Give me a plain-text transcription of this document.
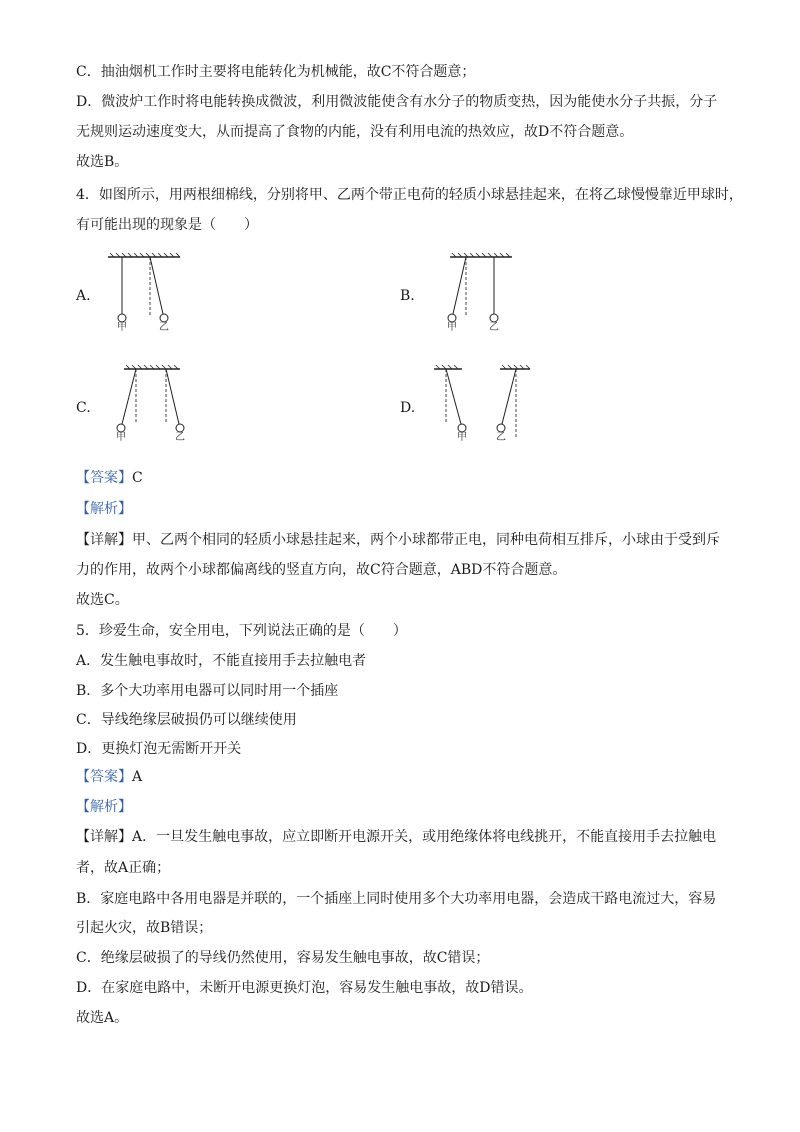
C．抽油烟机工作时主要将电能转化为机械能，故C不符合题意；
D．微波炉工作时将电能转换成微波，利用微波能使含有水分子的物质变热，因为能使水分子共振，分子
无规则运动速度变大，从而提高了食物的内能，没有利用电流的热效应，故D不符合题意。
故选B。
4．如图所示，用两根细棉线，分别将甲、乙两个带正电荷的轻质小球悬挂起来，在将乙球慢慢靠近甲球时，
有可能出现的现象是（　　）
A.
甲	乙
B.
甲	乙
C.
甲	乙
D.
甲	乙
【答案】C
【解析】
【详解】甲、乙两个相同的轻质小球悬挂起来，两个小球都带正电，同种电荷相互排斥，小球由于受到斥
力的作用，故两个小球都偏离线的竖直方向，故C符合题意，ABD不符合题意。
故选C。
5．珍爱生命，安全用电，下列说法正确的是（　　）
A．发生触电事故时，不能直接用手去拉触电者
B．多个大功率用电器可以同时用一个插座
C．导线绝缘层破损仍可以继续使用
D．更换灯泡无需断开开关
【答案】A
【解析】
【详解】A．一旦发生触电事故，应立即断开电源开关，或用绝缘体将电线挑开，不能直接用手去拉触电
者，故A正确；
B．家庭电路中各用电器是并联的，一个插座上同时使用多个大功率用电器，会造成干路电流过大，容易
引起火灾，故B错误；
C．绝缘层破损了的导线仍然使用，容易发生触电事故，故C错误；
D．在家庭电路中，未断开电源更换灯泡，容易发生触电事故，故D错误。
故选A。
